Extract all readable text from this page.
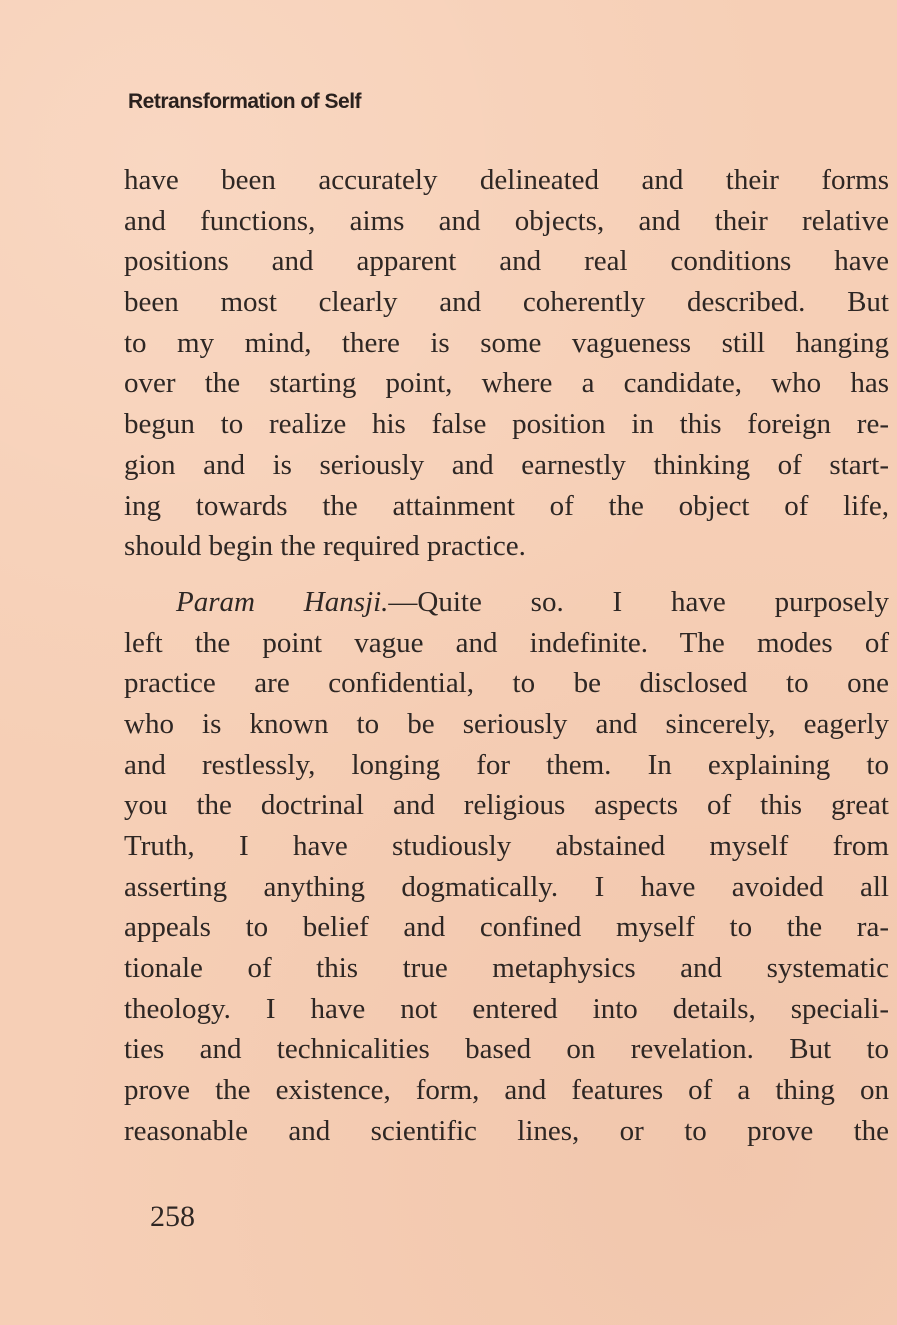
Retransformation of Self
have been accurately delineated and their forms
and functions, aims and objects, and their relative
positions and apparent and real conditions have
been most clearly and coherently described. But
to my mind, there is some vagueness still hanging
over the starting point, where a candidate, who has
begun to realize his false position in this foreign re-
gion and is seriously and earnestly thinking of start-
ing towards the attainment of the object of life,
should begin the required practice.
Param Hansji.—Quite so. I have purposely
left the point vague and indefinite. The modes of
practice are confidential, to be disclosed to one
who is known to be seriously and sincerely, eagerly
and restlessly, longing for them. In explaining to
you the doctrinal and religious aspects of this great
Truth, I have studiously abstained myself from
asserting anything dogmatically. I have avoided all
appeals to belief and confined myself to the ra-
tionale of this true metaphysics and systematic
theology. I have not entered into details, speciali-
ties and technicalities based on revelation. But to
prove the existence, form, and features of a thing on
reasonable and scientific lines, or to prove the
258
